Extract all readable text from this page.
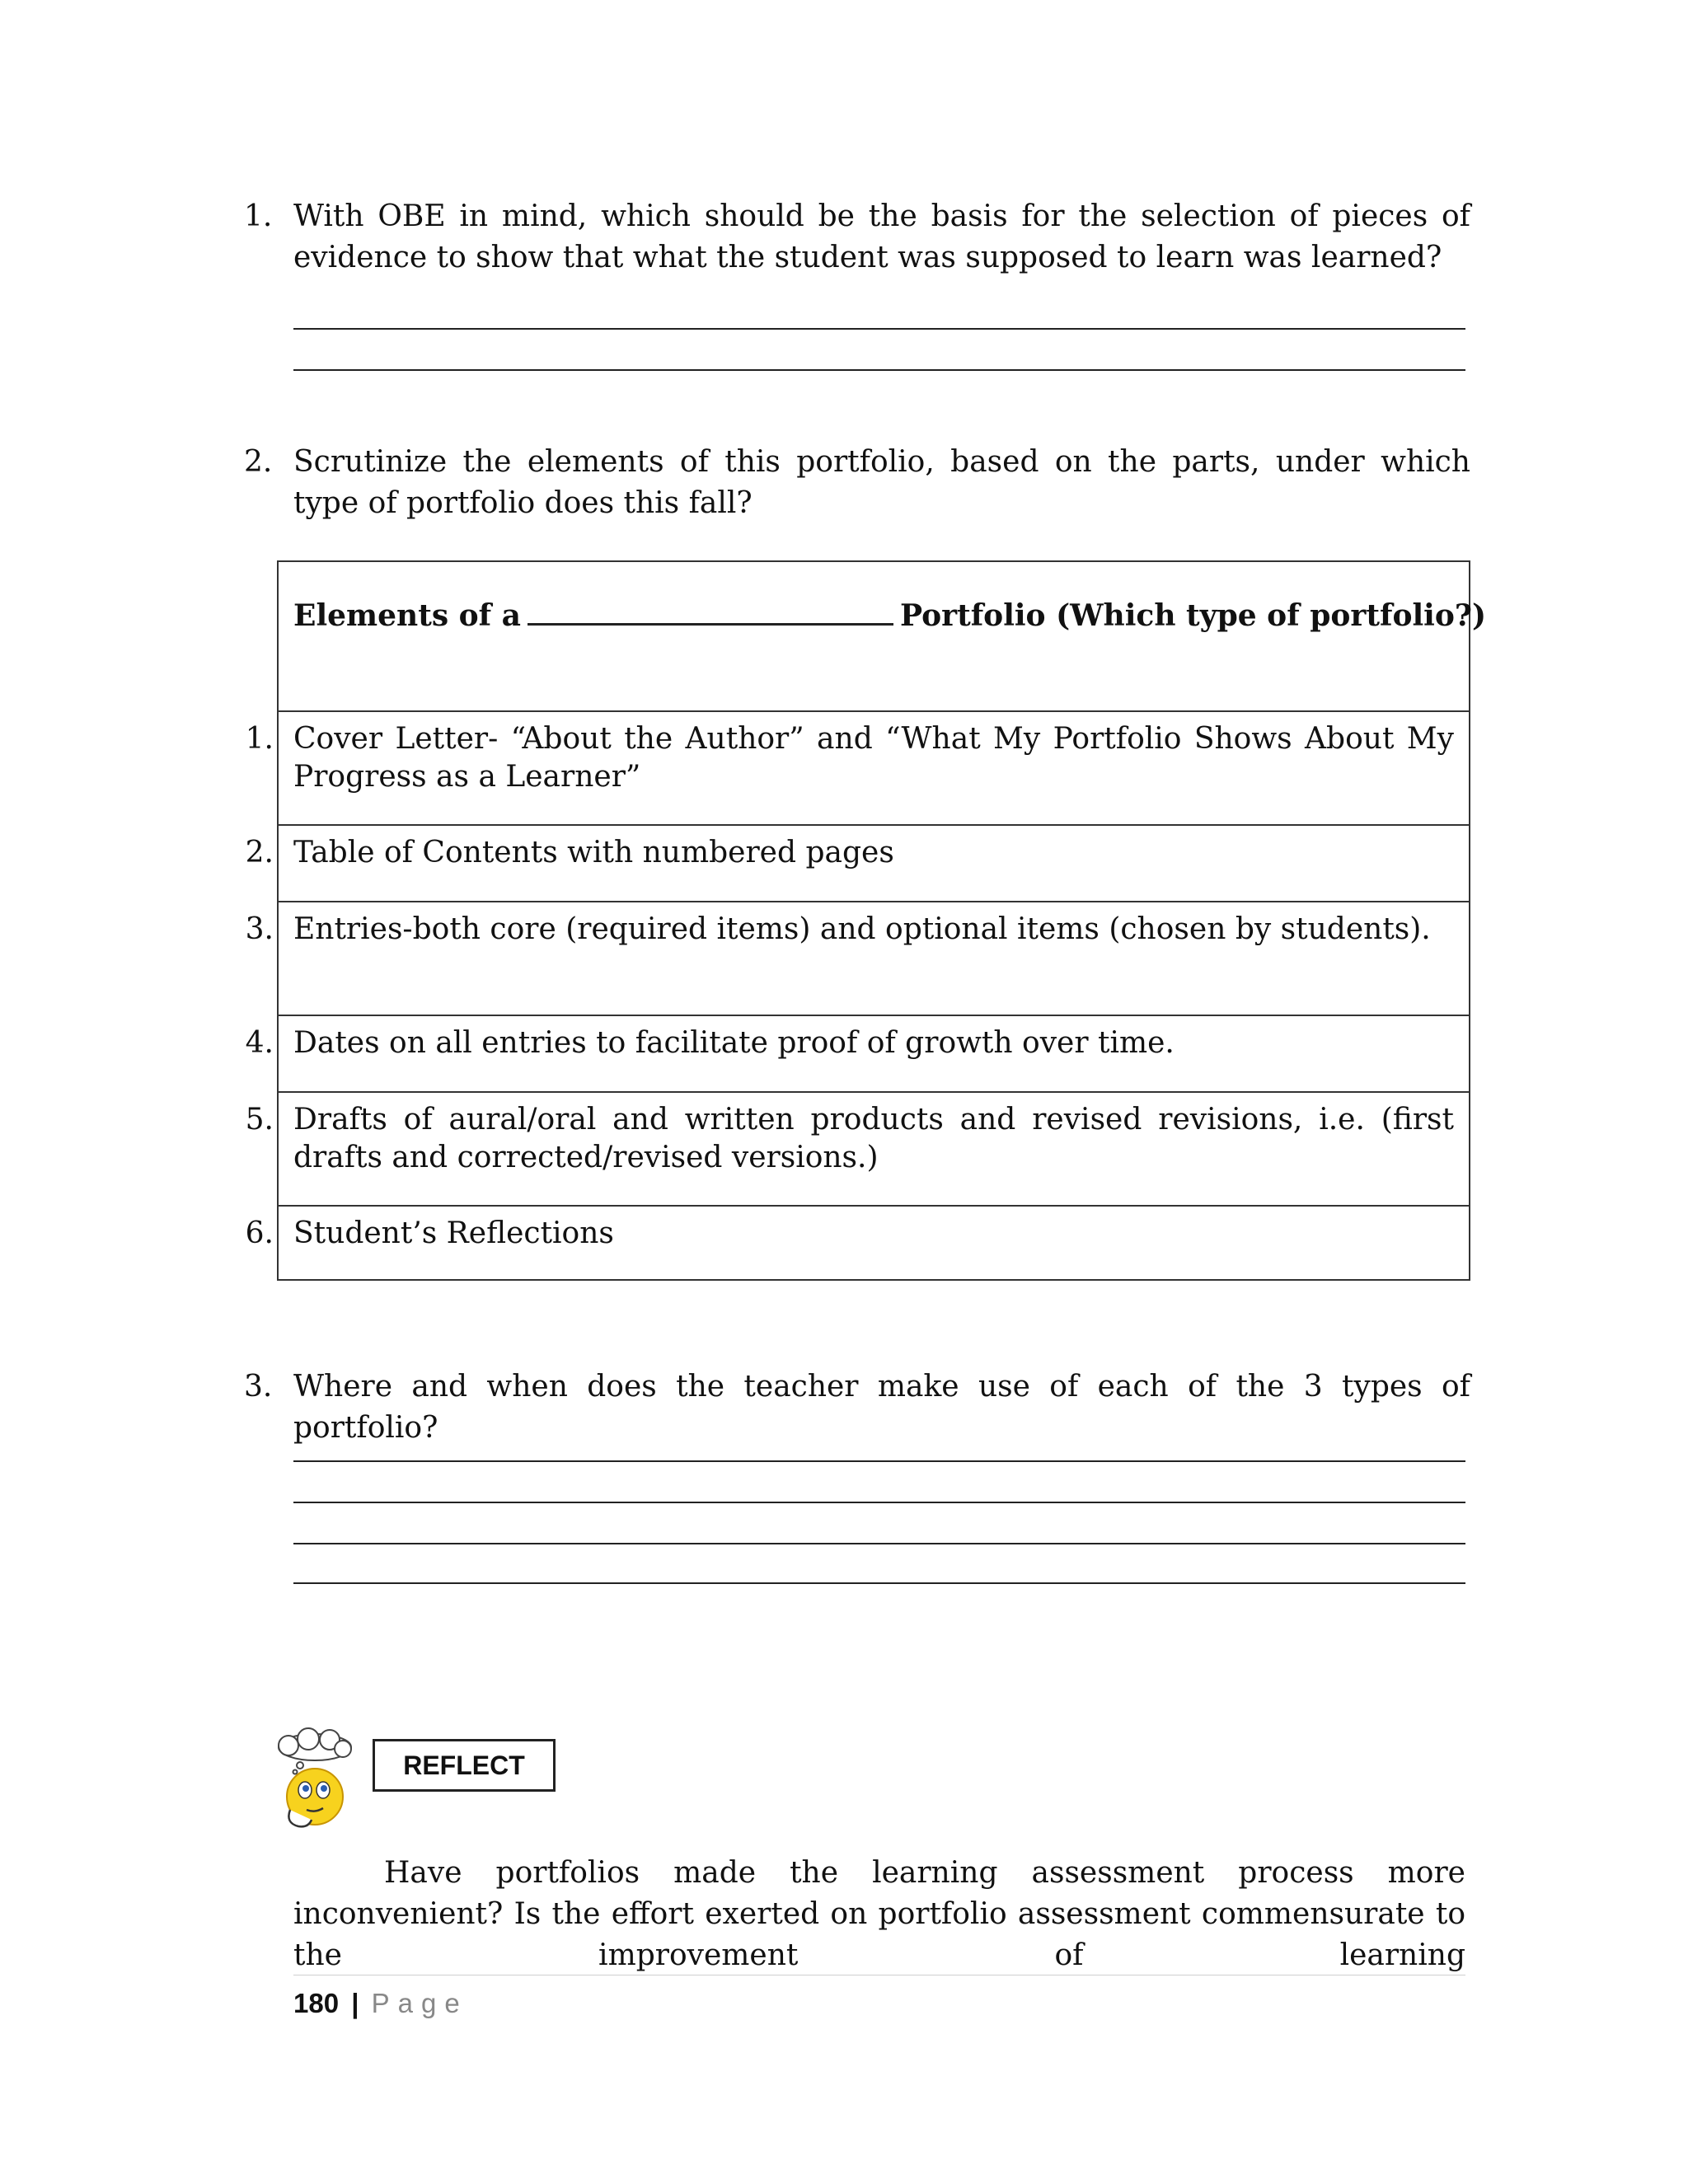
1. With OBE in mind, which should be the basis for the selection of pieces of evidence to show that what the student was supposed to learn was learned?
2. Scrutinize the elements of this portfolio, based on the parts, under which type of portfolio does this fall?
Elements of a	Portfolio (Which type of portfolio?)
1. Cover Letter- “About the Author” and “What My Portfolio Shows About My Progress as a Learner”
2. Table of Contents with numbered pages
3. Entries-both core (required items) and optional items (chosen by students).
4. Dates on all entries to facilitate proof of growth over time.
5. Drafts of aural/oral and written products and revised revisions, i.e. (first drafts and corrected/revised versions.)
6. Student’s Reflections
3. Where and when does the teacher make use of each of the 3 types of portfolio?
REFLECT
Have portfolios made the learning assessment process more inconvenient? Is the effort exerted on portfolio assessment commensurate to the improvement of learning
180 | Page
